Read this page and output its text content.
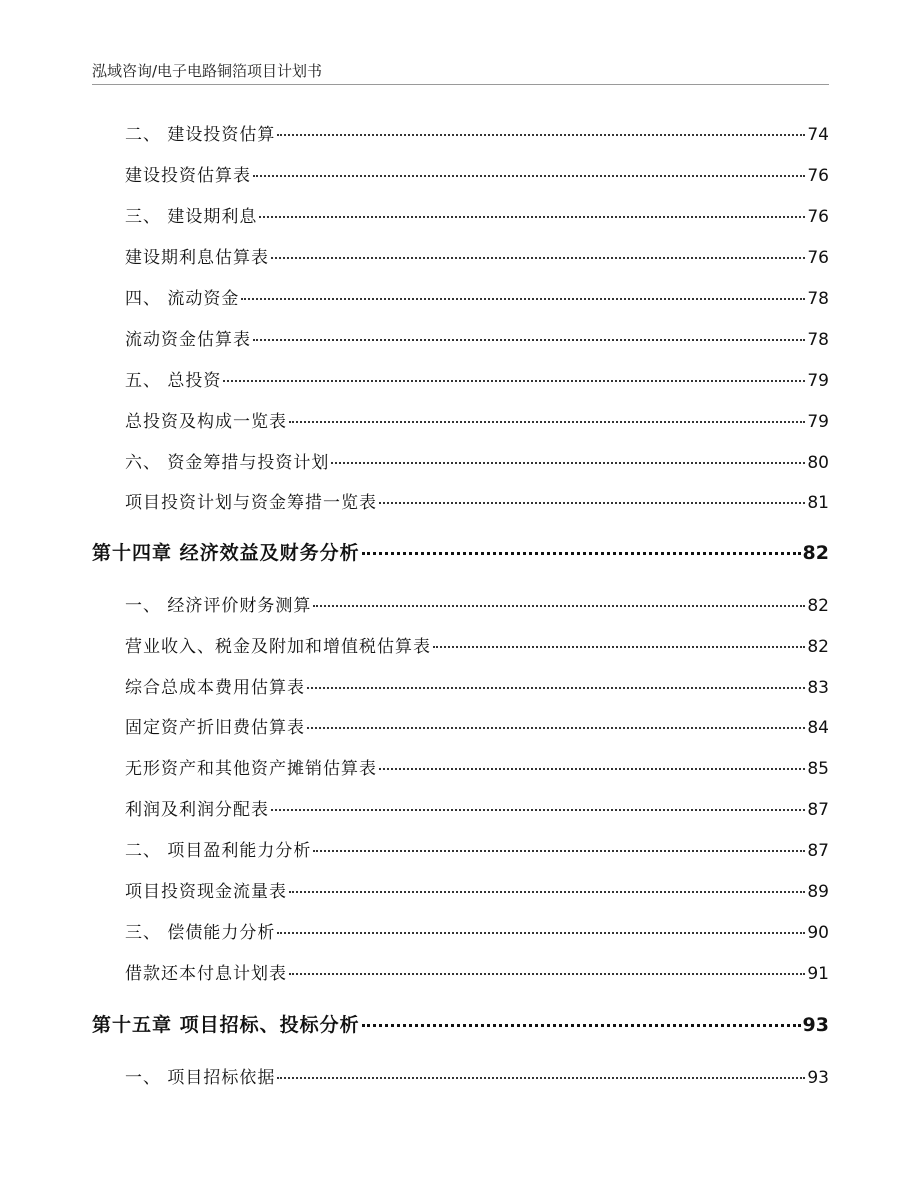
泓域咨询/电子电路铜箔项目计划书
二、 建设投资估算	74
建设投资估算表	76
三、 建设期利息	76
建设期利息估算表	76
四、 流动资金	78
流动资金估算表	78
五、 总投资	79
总投资及构成一览表	79
六、 资金筹措与投资计划	80
项目投资计划与资金筹措一览表	81
第十四章 经济效益及财务分析	82
一、 经济评价财务测算	82
营业收入、税金及附加和增值税估算表	82
综合总成本费用估算表	83
固定资产折旧费估算表	84
无形资产和其他资产摊销估算表	85
利润及利润分配表	87
二、 项目盈利能力分析	87
项目投资现金流量表	89
三、 偿债能力分析	90
借款还本付息计划表	91
第十五章 项目招标、投标分析	93
一、 项目招标依据	93
